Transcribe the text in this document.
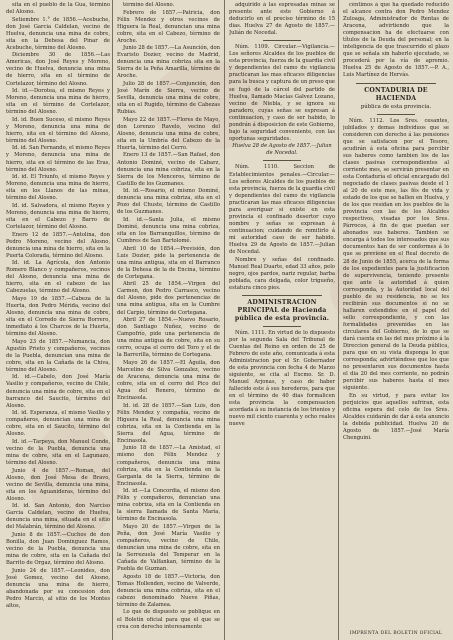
sita en el pueblo de la Gua, término del Alosno.

Setiembre 1.° de 1856.—Acebuche, don José Garcia Caldelan, vecino de Huelva, denuncia una mina de cobre, sita en la Dehesa del Pinar de Acebuche, término del Alosno.

Diciembre 30 de 1856.—Las Americas, don José Reyes y Moreno, vecino de Huelva, denuncia una mina de hierro, sita en el término de Cortelazor, término del Alosno.

Id. id.—Dorotea, el mismo Reyes y Moreno, denuncia una mina de hierro, sita en el término de Cortelazor, término del Alosno.

Id. id. Buen Suceso, el mismo Reyes y Moreno, denuncia una mina de hierro, sita en el término del Alosno, término del Alosno.

Id. id. San Fernando, el mismo Reyes y Moreno, denuncia una mina de hierro, sita en el término de las Eras, término del Alosno.

Id. id. El Triunfo, el mismo Reyes y Moreno, denuncia una mina de hierro, sita en los Llanos de las minas, término del Alosno.

Id. id. Salvadora, el mismo Reyes y Moreno, denuncia una mina de hierro, sita en el Cabezo y Barro de Cortelazor, término del Alosno.

Enero 12 de 1857.—Antolina, don Pedro Moreno, vecino del Alosno, denuncia una mina de hierro, sita en la Puerta Colorada, término del Alosno.

Id. id. La Agrícola, don Antonio Romero Blanco y compañeros, vecinos del Alosno, denuncia una mina de hierro, sita en el cabezo de las Cabezuelas, término del Alosno.

Mayo 19 de 1857.—Cabeza de la Huerta, don Pedro Mérida, vecino del Alosno, denuncia una mina de cobre, sita en el Corredo de Sierra Borrero, inmediato á los Charcos de la Huerta, término del Alosno.

Mayo 23 de 1857.—Numancia, don Agustín Prieto y compañeros, vecinos de la Puebla, denuncian una mina de cobre, sita en la Cañada de la Chiva, término del Alosno.

Id. id.—Cabelo, don José María Vasilio y compañeros, vecino de Chile, denuncia una mina de cobre, sita en el barranco del Saucito, término del Alosno.

Id. id. Esperanza, el mismo Vasilio y compañeros, denuncian una mina de cobre, sita en el Saucito, término del Alosno.

Id. id.—Tarpeya, don Manuel Conde, vecino de la Puebla, denuncia una mina de cobre, sita en el Lagunazo, término del Alosno.

Junio 4 de 1857.—Roman, del Alosno, don José Mesa de Bravo, vecino de Sevilla, denuncia una mina, sita en los Aguanideras, término del Alosno.

Id. id. San Antonio, don Narciso Garcia Caldelan, vecino de Huelva, denuncia una mina, situada en el sitio del Malabrán, término del Alosno.

Junio 8 de 1857.—Cuchos de don Bonilla, don Juan Dominguez Ramos, vecino de la Puebla, denuncia una mina de cobre, sita en la Cañada del Barrito de Orgaz, término del Alosno.

Junio 24 de 1857.—Leonides, don José Gomez, vecino del Alosno, denuncia una mina de hierro, abandonada por su concesion don Pedro Marcio, al sitio de los Montes altos,

término del Alosno.

Febrero de 1857.—Patricia, don Félix Mendez y otros vecinos de Higuera la Real, denuncian una mina cobre, sita en el Cabezo, término de Aroche.

Junio 28 de 1857.—La Asunción, don Evaristo Dozier, vecino de Madrid, denuncia una mina cobriza sita en la Sierra de la Peña Amarilla, término de Aroche.

Julio 28 de 1857.—Conjunción, don José Marín de Sierra, vecino de Sevilla, denuncia una mina de cobre, sita en el Rugido, término de Cabezas Rubias.

Mayo 22 de 1857.—Flores de Mayo, don Lorenzo Ravelo, vecino del Alosno, denuncia una mina de cobre, sita en la Umbría del Cabezo de la Huerta, término del Cerro.

Enero 13 de 1857.—San Rafael, don Antonio Dominé, vecino de Cabarz, denuncia una mina cobriza, sita en la Sierra de los Menceros, término de Castillo de los Guzmanes.

Id. id.—Rosario, el mismo Dominé, denuncia una mina cobriza, sita en el Pozo del Chuste, término de Castillo de los Guzmanes.

Id. id.—Santa Julia, el mismo Dominé, denuncia una mina cobriza, sita en los Barranquillos, término de Cumbres de San Bartolomé.

Abril 10 de 1854.—Previsión, don Luis Dozier, pide la pertenencia de una mina antigua, sita en el Barranco de la Dehesa de la de Encina, término de Cortegana.

Abril 25 de 1854.—Virgen del Carmen, don Pedro Carrasco, vecino del Alosno, pide dos pertenencias de una mina antigua, sita en la Cumbre del Carpio, término de Cortegana.

Abril 27 de 1854.—Nuevo Rosario, don Santiago Nuñez, vecino de Campofrío, pide una pertenencia de una mina antigua de cobre, sita en su cerro, ocupa el cerro del Toro y el de la Barrerilla, término de Cortegana.

Mayo 26 de 1857.—El Águila, don Marcelino de Silva Gonzalez, vecino de Aracena, denuncia una mina de cobre, sita en el cerro del Pico del Agua del Renero, término de Encinasola.

Id. id. 28 de 1857.—San Luis, don Félix Mendez y compañía, vecino de Higuera la Real, denuncia una mina cobriza, sita en la Contienda en la Sierra del Agua, término de Encinasola.

Junio 18 de 1857.—La Amistad, el mismo don Félix Mendez y compañeros, denuncia una mina cobriza, sita en la Contienda en la Garganta de la Sierra, término de Encinasola.

Id. id.—La Concordia, el mismo don Félix y compañeros, denuncian una mina cobriza, sita en la Contienda en la sierra llamada de Santa María, término de Encinasola.

Mayo 20 de 1857.—Virgen de la Peña, don José María Vasilio y compañeros, vecino de Chile, denuncian una mina de cobre, sita en la Serrezuela del Temperar en la Cañada de Valfankan, término de la Puebla de Guzman.

Agosto 18 de 1857.—Victoria, don Tomas Hollenden, vecino de Valverde, denuncia una mina cobriza, sita en el cabezo denominado Nueve Piñas, término de Zalamea.

Lo que de dispuesto se publique en el Boletín oficial para que el que se crea con derecho interesamente

adquirido á las espresadas minas se presente ante este Gobierno á deducirlo en el preciso término de 15 dias. Huelva 27 de Agosto de 1857.—Julián de Nocedal.

Núm. 1109. Circular.—Vigilancia.—Los señores Alcaldes de los pueblos de esta provincia, fuerza de la guardia civil y dependientes del ramo de vigilancia practicaran las mas eficaces diligencias para la busca y captura de un preso que se fugó de la cárcel del partido de Huelva, llamado Macías Galvez Lozano, vecino de Niebla, y se ignora su paradero, cuyas señas se espresan á continuacion, y caso de ser habido, lo pondrán á disposicion de este Gobierno, bajo la seguridad conveniente, con las oportunas seguridades.

Huelva 28 de Agosto de 1857.—Julian de Nocedal.

Núm. 1110. Seccion de Establecimientos penales.—Circular.—Los señores Alcaldes de los pueblos de esta provincia, fuerza de la guardia civil y dependientes del ramo de vigilancia practicaran las mas eficaces diligencias para averiguar si existe en esta provincia el confinado desertor cuyo nombre y señas se expresan á continuacion; cuidando de remitirlo á mi autoridad caso de ser habido. Huelva 29 de Agosto de 1857.—Julian de Nocedal.

Nombre y señas del confinado. Manuel Real Duarte, edad 33 años, pelo negro, ojos pardos, nariz regular, barba poblada, cara delgada, color trigueño, estatura cinco pies.

ADMINISTRACION PRINCIPAL de Hacienda pública de esta provincia.

Núm. 1111. En virtud de lo dispuesto por la segunda Sala del Tribunal de Cuentas del Reino en orden de 25 de Febrero de este año, comunicada á esta Administracion por el Sr. Gobernador de esta provincia con fecha 4 de Marzo siguiente, se cita al Excmo. Sr. D. Manuel Arjonas, y caso de haber fallecido este á sus herederos, para que en el término de 40 dias formalicen esta provincia la compensacion acordada á su instancia de los trienios y nuevo mil ciento cuarenta y ocho reales nueve

céntimos á que ha quedado reducido el alcance contra don Pedro Mendez Zuloaga, Administrador de Rentas de Aracena, advirtiendo que la compensacion ha de efectuarse con títulos de la Deuda del personal; en la inteligencia de que trascurrido el plazo que se señala sin haberlo ejecutado, se procederá por la vía de apremio. Huelva 25 de Agosto de 1857.—P. A., Luis Martínez de Hervás.

CONTADURIA DE HACIENDA
pública de esta provincia.

Núm. 1112. Los Sres. cesantes, jubilados y demas individuos que se consideren con derecho á las pensiones que se satisfacen por el Tesoro, acudirán á esta oficina para percibir sus haberes como tambien los de las clases pasivas correspondientes al corriente mes, se servirán presentar en esta Contaduría el oficial encargado del negociado de clases pasivas desde el 1 al 20 de este mes, las fés de vida y estado de los que se hallen en Huelva, y de los que residan en los pueblos de la provincia con las de los Alcaldes respectivos, visadas por los Sres. Párrocos, á fin de que puedan ser abonados sus haberes. Tambien se encarga á todos los interesados que sus documentos han de ser conformes á lo que se previene en el Real decreto de 28 de Junio de 1855, acerca de la forma de los expedientes para la justificacion de supervivencia, teniendo presente que ante la autoridad á quien corresponda, y la Autoridad local del pueblo de su residencia, no se les recibirán sus documentos si no se hallaren extendidos en el papel del sello correspondiente, y con las formalidades prevenidas en las circulares del Gobierno, de lo que se dará cuenta en las del mes próximo á la Direccion general de la Deuda pública, para que en su vista disponga lo que corresponda; advirtiéndose que los que no presentaren sus documentos hasta el dia 20 del mes corriente, no podrán percibir sus haberes hasta el mes siguiente.

En su virtud, y para evitar los perjuicios que aquellos sufriran, esta oficina espera del celo de los Sres. Alcaldes cuidarán de dar á esta anuncio la debida publicidad. Huelva 20 de Agosto de 1857.—José María Chenguini.

IMPRENTA DEL BOLETIN OFICIAL
